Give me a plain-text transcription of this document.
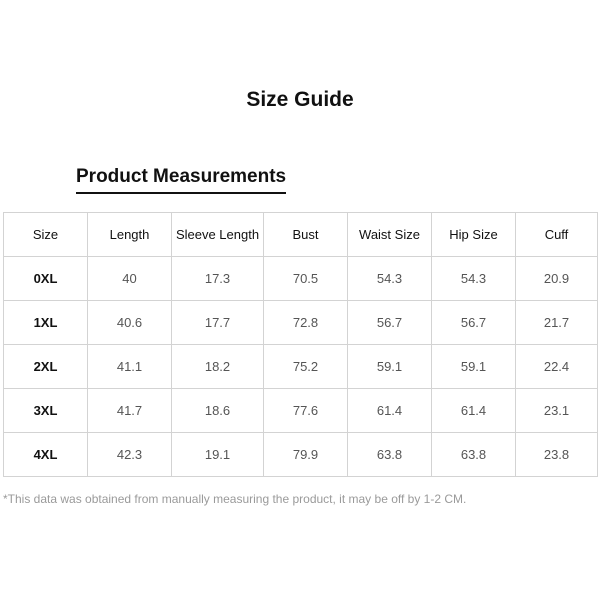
Size Guide
Product Measurements
Size	Length	Sleeve Length	Bust	Waist Size	Hip Size	Cuff
0XL	40	17.3	70.5	54.3	54.3	20.9
1XL	40.6	17.7	72.8	56.7	56.7	21.7
2XL	41.1	18.2	75.2	59.1	59.1	22.4
3XL	41.7	18.6	77.6	61.4	61.4	23.1
4XL	42.3	19.1	79.9	63.8	63.8	23.8

*This data was obtained from manually measuring the product, it may be off by 1-2 CM.
